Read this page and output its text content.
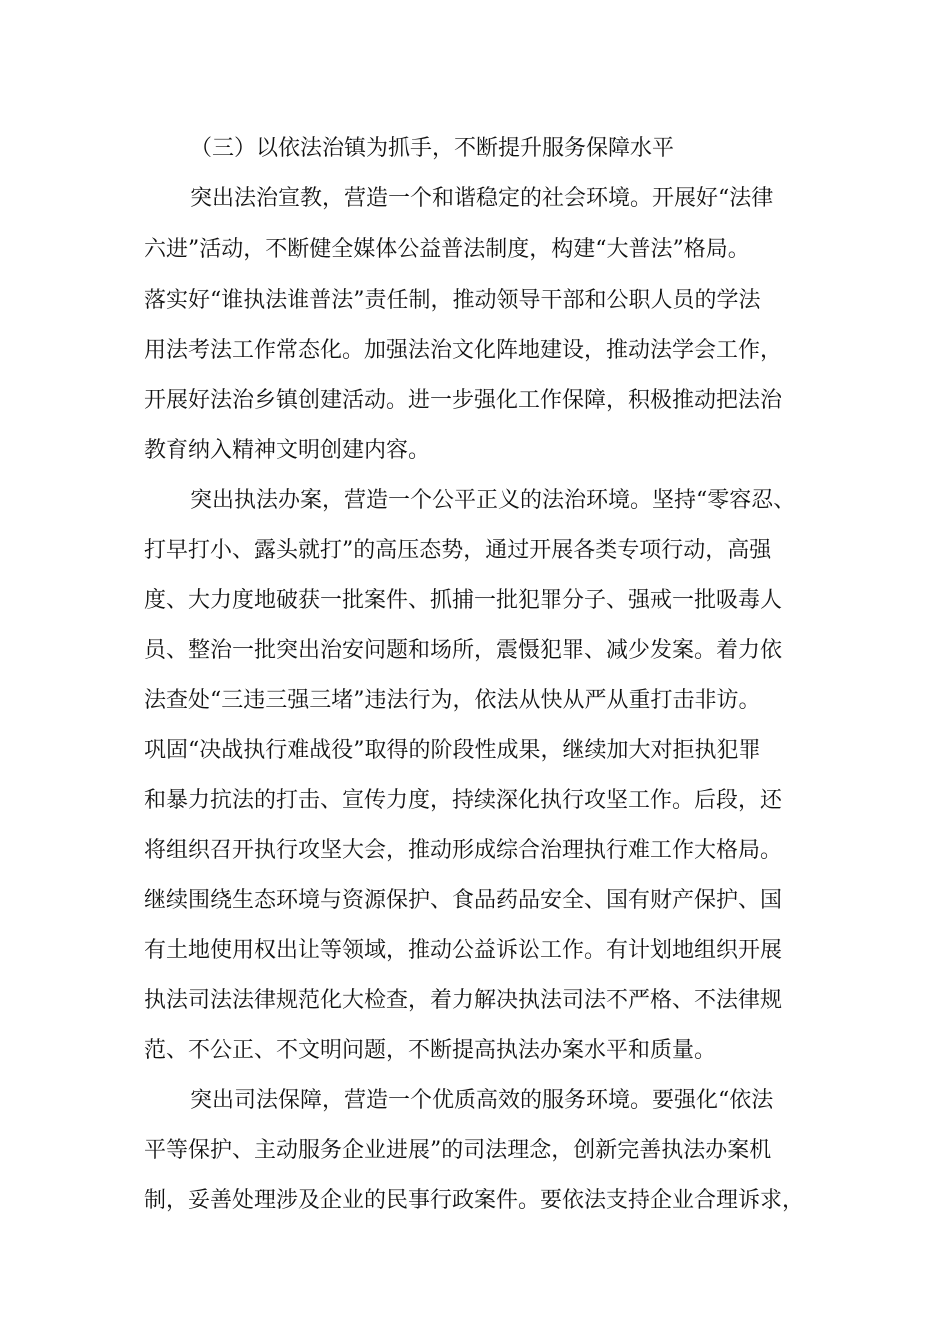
（三）以依法治镇为抓手，不断提升服务保障水平

突出法治宣教，营造一个和谐稳定的社会环境。开展好“法律

六进”活动，不断健全媒体公益普法制度，构建“大普法”格局。

落实好“谁执法谁普法”责任制，推动领导干部和公职人员的学法

用法考法工作常态化。加强法治文化阵地建设，推动法学会工作，

开展好法治乡镇创建活动。进一步强化工作保障，积极推动把法治

教育纳入精神文明创建内容。

突出执法办案，营造一个公平正义的法治环境。坚持“零容忍、

打早打小、露头就打”的高压态势，通过开展各类专项行动，高强

度、大力度地破获一批案件、抓捕一批犯罪分子、强戒一批吸毒人

员、整治一批突出治安问题和场所，震慑犯罪、减少发案。着力依

法查处“三违三强三堵”违法行为，依法从快从严从重打击非访。

巩固“决战执行难战役”取得的阶段性成果，继续加大对拒执犯罪

和暴力抗法的打击、宣传力度，持续深化执行攻坚工作。后段，还

将组织召开执行攻坚大会，推动形成综合治理执行难工作大格局。

继续围绕生态环境与资源保护、食品药品安全、国有财产保护、国

有土地使用权出让等领域，推动公益诉讼工作。有计划地组织开展

执法司法法律规范化大检查，着力解决执法司法不严格、不法律规

范、不公正、不文明问题，不断提高执法办案水平和质量。

突出司法保障，营造一个优质高效的服务环境。要强化“依法

平等保护、主动服务企业进展”的司法理念，创新完善执法办案机

制，妥善处理涉及企业的民事行政案件。要依法支持企业合理诉求，
